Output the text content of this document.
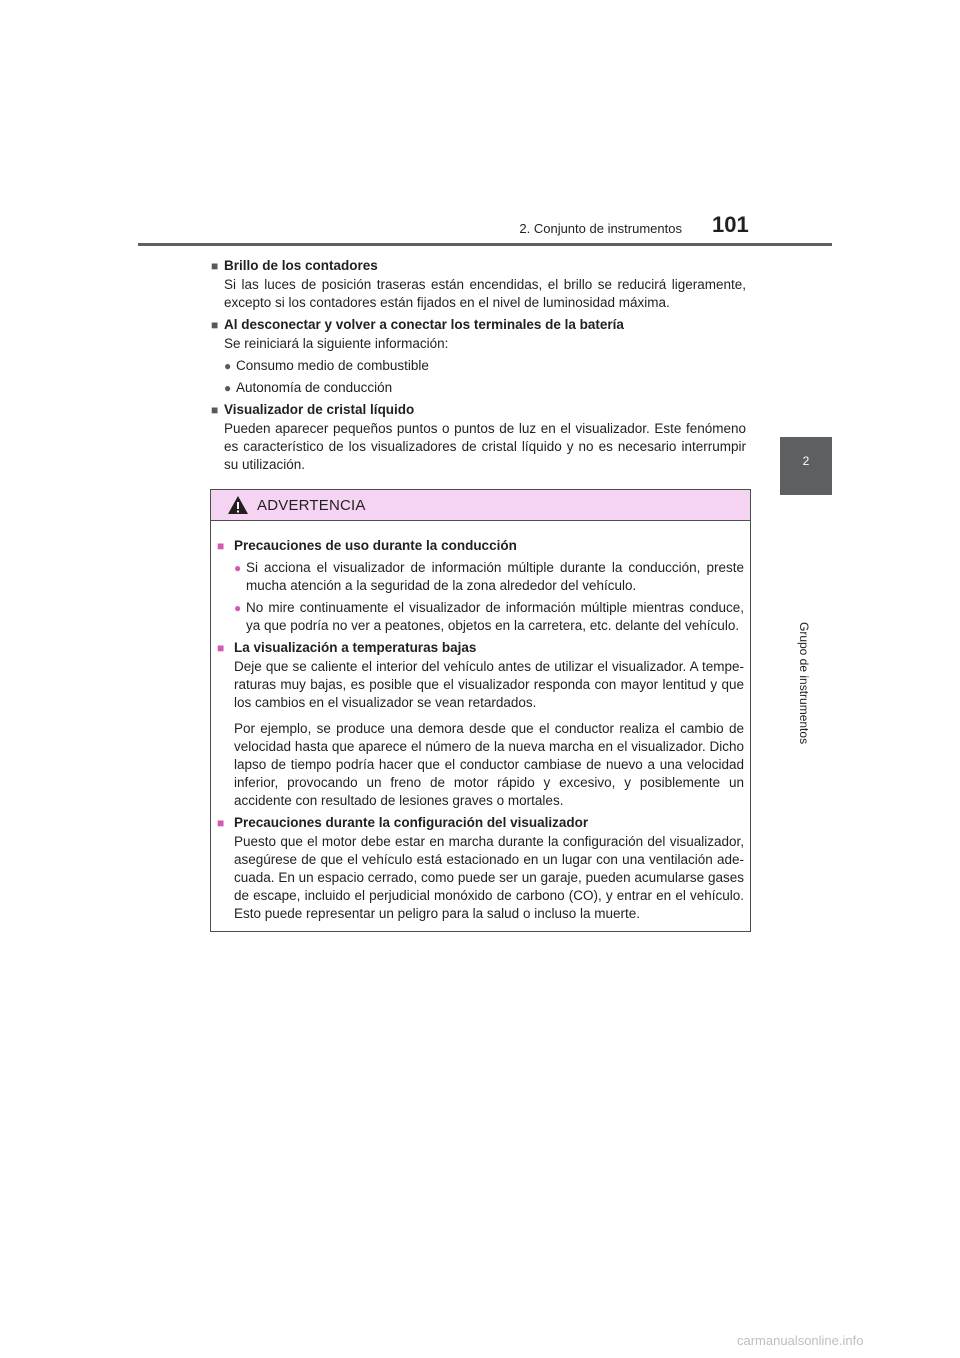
2. Conjunto de instrumentos 101
2
Grupo de instrumentos
■ Brillo de los contadores
Si las luces de posición traseras están encendidas, el brillo se reducirá ligeramente, excepto si los contadores están fijados en el nivel de luminosidad máxima.
■ Al desconectar y volver a conectar los terminales de la batería
Se reiniciará la siguiente información:
● Consumo medio de combustible
● Autonomía de conducción
■ Visualizador de cristal líquido
Pueden aparecer pequeños puntos o puntos de luz en el visualizador. Este fenómeno es característico de los visualizadores de cristal líquido y no es necesario interrumpir su utilización.
ADVERTENCIA
■ Precauciones de uso durante la conducción
● Si acciona el visualizador de información múltiple durante la conducción, preste mucha atención a la seguridad de la zona alrededor del vehículo.
● No mire continuamente el visualizador de información múltiple mientras conduce, ya que podría no ver a peatones, objetos en la carretera, etc. delante del vehículo.
■ La visualización a temperaturas bajas
Deje que se caliente el interior del vehículo antes de utilizar el visualizador. A tempe-raturas muy bajas, es posible que el visualizador responda con mayor lentitud y que los cambios en el visualizador se vean retardados.
Por ejemplo, se produce una demora desde que el conductor realiza el cambio de velocidad hasta que aparece el número de la nueva marcha en el visualizador. Dicho lapso de tiempo podría hacer que el conductor cambiase de nuevo a una velocidad inferior, provocando un freno de motor rápido y excesivo, y posiblemente un accidente con resultado de lesiones graves o mortales.
■ Precauciones durante la configuración del visualizador
Puesto que el motor debe estar en marcha durante la configuración del visualizador, asegúrese de que el vehículo está estacionado en un lugar con una ventilación ade-cuada. En un espacio cerrado, como puede ser un garaje, pueden acumularse gases de escape, incluido el perjudicial monóxido de carbono (CO), y entrar en el vehículo. Esto puede representar un peligro para la salud o incluso la muerte.
carmanualsonline.info
